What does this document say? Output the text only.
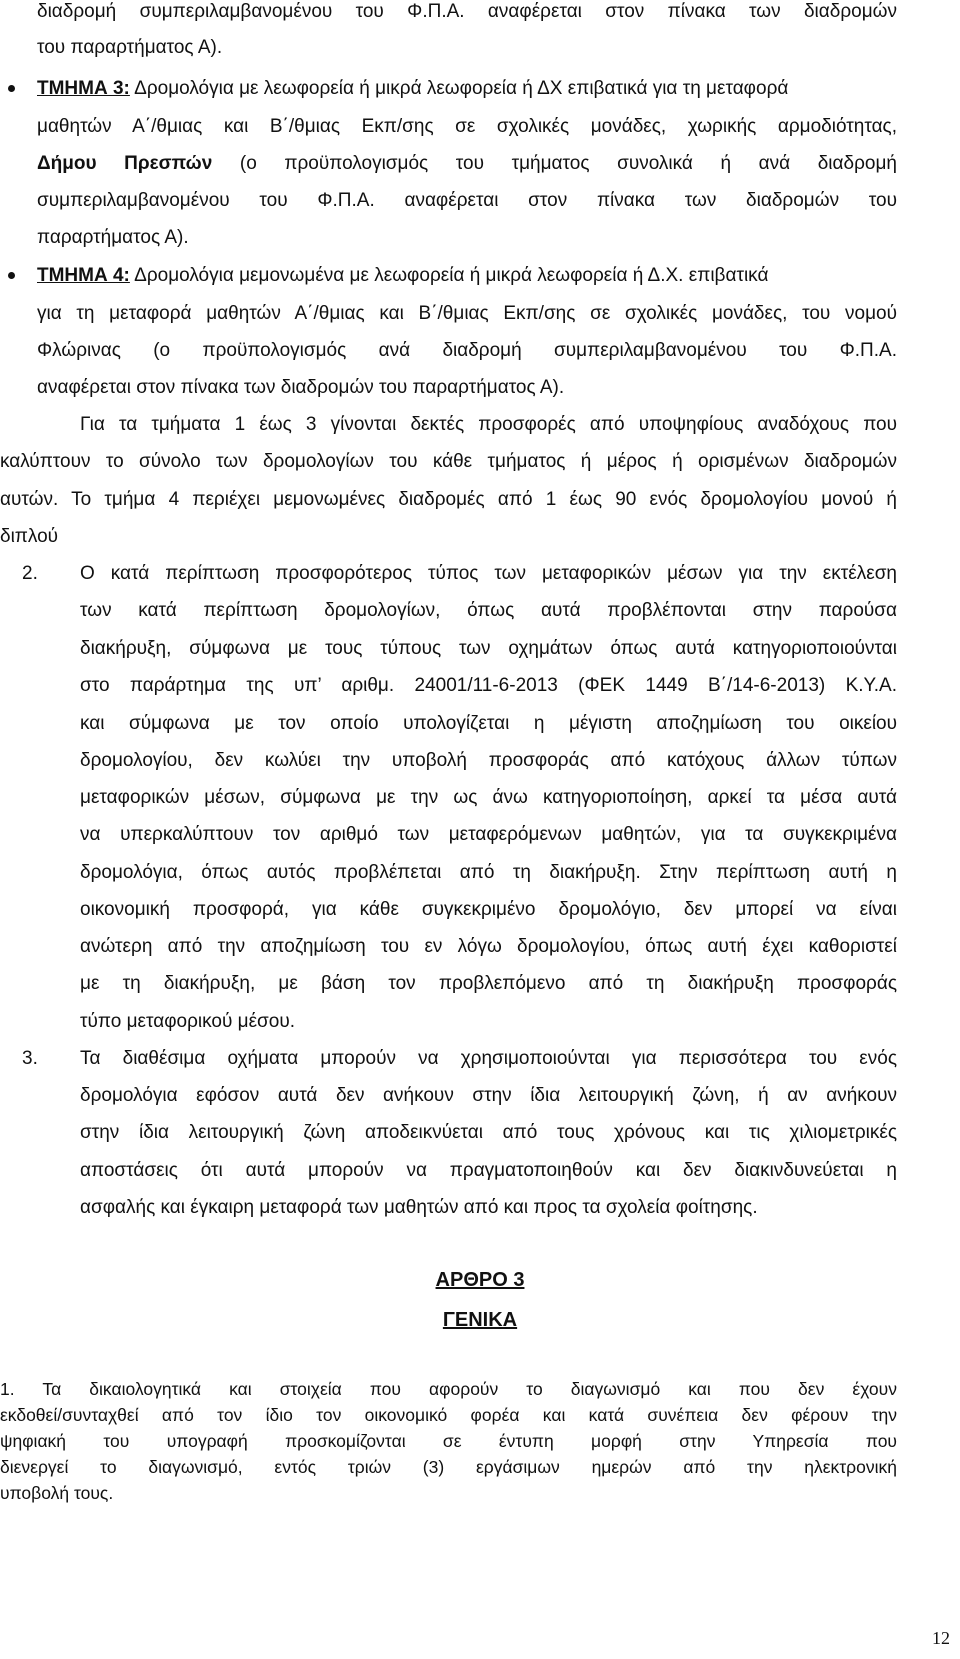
διαδρομή συμπεριλαμβανομένου του Φ.Π.Α. αναφέρεται στον πίνακα των διαδρομών
του παραρτήματος Α).
ΤΜΗΜΑ 3: Δρομολόγια με λεωφορεία ή μικρά λεωφορεία ή ΔΧ επιβατικά για τη μεταφορά
μαθητών Α΄/θμιας και Β΄/θμιας Εκπ/σης σε σχολικές μονάδες, χωρικής αρμοδιότητας,
Δήμου Πρεσπών (ο προϋπολογισμός του τμήματος συνολικά ή ανά διαδρομή
συμπεριλαμβανομένου του Φ.Π.Α. αναφέρεται στον πίνακα των διαδρομών του
παραρτήματος Α).
ΤΜΗΜΑ 4: Δρομολόγια μεμονωμένα με λεωφορεία ή μικρά λεωφορεία ή Δ.Χ. επιβατικά
για τη μεταφορά μαθητών Α΄/θμιας και Β΄/θμιας Εκπ/σης σε σχολικές μονάδες, του νομού
Φλώρινας (ο προϋπολογισμός ανά διαδρομή συμπεριλαμβανομένου του Φ.Π.Α.
αναφέρεται στον πίνακα των διαδρομών του παραρτήματος Α).
Για τα τμήματα 1 έως 3 γίνονται δεκτές προσφορές από υποψηφίους αναδόχους που
καλύπτουν το σύνολο των δρομολογίων του κάθε τμήματος ή μέρος ή ορισμένων διαδρομών
αυτών. Το τμήμα 4 περιέχει μεμονωμένες διαδρομές από 1 έως 90 ενός δρομολογίου μονού ή
διπλού
2. Ο κατά περίπτωση προσφορότερος τύπος των μεταφορικών μέσων για την εκτέλεση
των κατά περίπτωση δρομολογίων, όπως αυτά προβλέπονται στην παρούσα
διακήρυξη, σύμφωνα με τους τύπους των οχημάτων όπως αυτά κατηγοριοποιούνται
στο παράρτημα της υπ’ αριθμ. 24001/11-6-2013 (ΦΕΚ 1449 Β΄/14-6-2013) Κ.Υ.Α.
και σύμφωνα με τον οποίο υπολογίζεται η μέγιστη αποζημίωση του οικείου
δρομολογίου, δεν κωλύει την υποβολή προσφοράς από κατόχους άλλων τύπων
μεταφορικών μέσων, σύμφωνα με την ως άνω κατηγοριοποίηση, αρκεί τα μέσα αυτά
να υπερκαλύπτουν τον αριθμό των μεταφερόμενων μαθητών, για τα συγκεκριμένα
δρομολόγια, όπως αυτός προβλέπεται από τη διακήρυξη. Στην περίπτωση αυτή η
οικονομική προσφορά, για κάθε συγκεκριμένο δρομολόγιο, δεν μπορεί να είναι
ανώτερη από την αποζημίωση του εν λόγω δρομολογίου, όπως αυτή έχει καθοριστεί
με τη διακήρυξη, με βάση τον προβλεπόμενο από τη διακήρυξη προσφοράς
τύπο μεταφορικού μέσου.
3. Τα διαθέσιμα οχήματα μπορούν να χρησιμοποιούνται για περισσότερα του ενός
δρομολόγια εφόσον αυτά δεν ανήκουν στην ίδια λειτουργική ζώνη, ή αν ανήκουν
στην ίδια λειτουργική ζώνη αποδεικνύεται από τους χρόνους και τις χιλιομετρικές
αποστάσεις ότι αυτά μπορούν να πραγματοποιηθούν και δεν διακινδυνεύεται η
ασφαλής και έγκαιρη μεταφορά των μαθητών από και προς τα σχολεία φοίτησης.
ΑΡΘΡΟ 3
ΓΕΝΙΚΑ
1. Τα δικαιολογητικά και στοιχεία που αφορούν το διαγωνισμό και που δεν έχουν
εκδοθεί/συνταχθεί από τον ίδιο τον οικονομικό φορέα και κατά συνέπεια δεν φέρουν την
ψηφιακή του υπογραφή προσκομίζονται σε έντυπη μορφή στην Υπηρεσία που
διενεργεί το διαγωνισμό, εντός τριών (3) εργάσιμων ημερών από την ηλεκτρονική
υποβολή τους.
12
